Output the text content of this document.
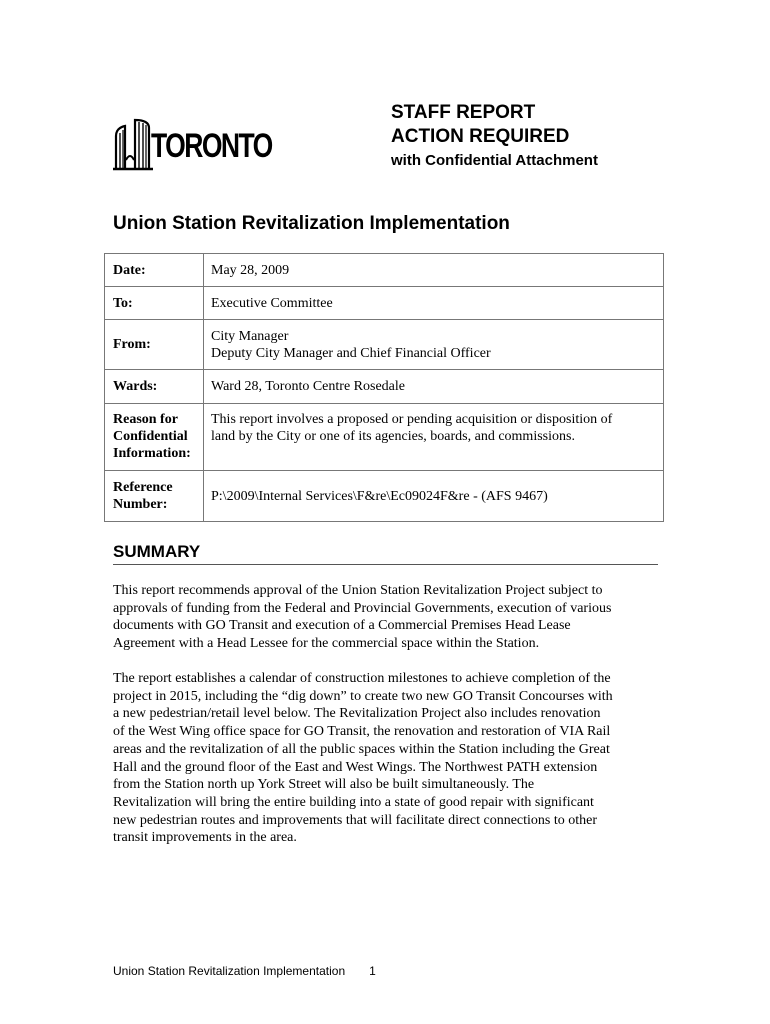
TORONTO
STAFF REPORT
ACTION REQUIRED
with Confidential Attachment
Union Station Revitalization Implementation
Date:	May 28, 2009
To:	Executive Committee
From:	City Manager
Deputy City Manager and Chief Financial Officer

Wards:	Ward 28, Toronto Centre Rosedale

Reason for
Confidential
Information:	This report involves a proposed or pending acquisition or disposition of
land by the City or one of its agencies, boards, and commissions.

Reference
Number:	P:\2009\Internal Services\F&re\Ec09024F&re - (AFS 9467)
SUMMARY

This report recommends approval of the Union Station Revitalization Project subject to
approvals of funding from the Federal and Provincial Governments, execution of various
documents with GO Transit and execution of a Commercial Premises Head Lease
Agreement with a Head Lessee for the commercial space within the Station.

The report establishes a calendar of construction milestones to achieve completion of the
project in 2015, including the “dig down” to create two new GO Transit Concourses with
a new pedestrian/retail level below. The Revitalization Project also includes renovation
of the West Wing office space for GO Transit, the renovation and restoration of VIA Rail
areas and the revitalization of all the public spaces within the Station including the Great
Hall and the ground floor of the East and West Wings. The Northwest PATH extension
from the Station north up York Street will also be built simultaneously. The
Revitalization will bring the entire building into a state of good repair with significant
new pedestrian routes and improvements that will facilitate direct connections to other
transit improvements in the area.

Union Station Revitalization Implementation 1
